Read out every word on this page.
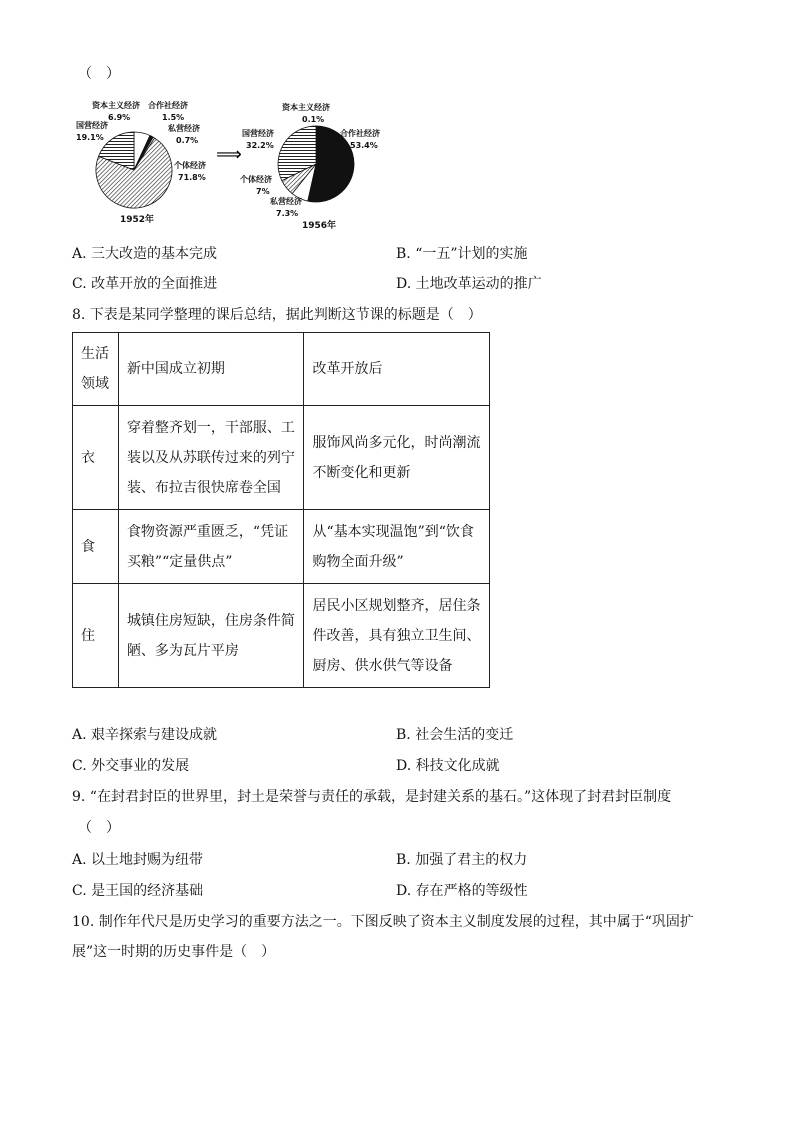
（　）
资本主义经济
6.9%
合作社经济
1.5%
私营经济
0.7%
国营经济
19.1%
个体经济
71.8%
1952年
⟹
资本主义经济
0.1%
国营经济
32.2%
合作社经济
53.4%
个体经济
7%
私营经济
7.3%
1956年
A. 三大改造的基本完成	B. “一五”计划的实施
C. 改革开放的全面推进	D. 土地改革运动的推广
8. 下表是某同学整理的课后总结，据此判断这节课的标题是（　）
生活领域	新中国成立初期	改革开放后
衣	穿着整齐划一，干部服、工装以及从苏联传过来的列宁装、布拉吉很快席卷全国	服饰风尚多元化，时尚潮流不断变化和更新
食	食物资源严重匮乏，“凭证买粮”“定量供点”	从“基本实现温饱”到“饮食购物全面升级”
住	城镇住房短缺，住房条件简陋、多为瓦片平房	居民小区规划整齐，居住条件改善，具有独立卫生间、厨房、供水供气等设备
A. 艰辛探索与建设成就	B. 社会生活的变迁
C. 外交事业的发展	D. 科技文化成就
9. “在封君封臣的世界里，封土是荣誉与责任的承载，是封建关系的基石。”这体现了封君封臣制度
（　）
A. 以土地封赐为纽带	B. 加强了君主的权力
C. 是王国的经济基础	D. 存在严格的等级性
10. 制作年代尺是历史学习的重要方法之一。下图反映了资本主义制度发展的过程，其中属于“巩固扩
展”这一时期的历史事件是（　）
